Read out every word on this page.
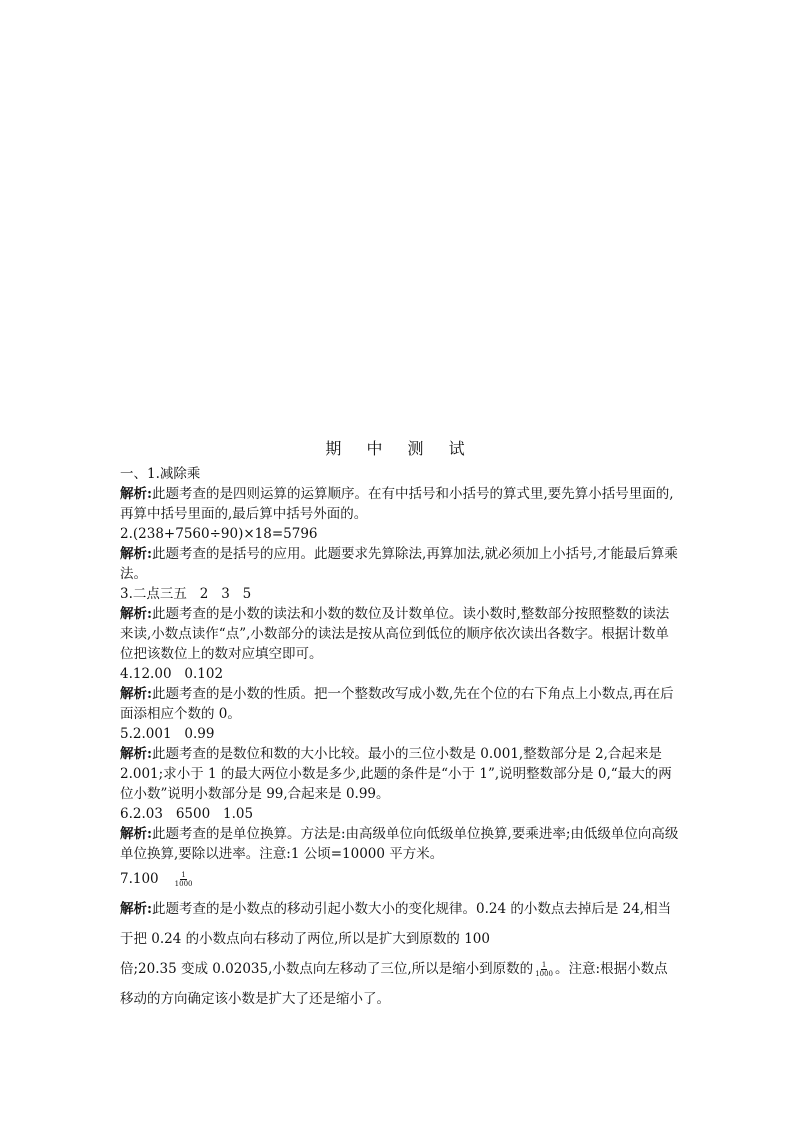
期 中 测 试
一、1.减除乘
解析:此题考查的是四则运算的运算顺序。在有中括号和小括号的算式里,要先算小括号里面的,再算中括号里面的,最后算中括号外面的。
2.(238+7560÷90)×18=5796
解析:此题考查的是括号的应用。此题要求先算除法,再算加法,就必须加上小括号,才能最后算乘法。
3.二点三五   2   3   5
解析:此题考查的是小数的读法和小数的数位及计数单位。读小数时,整数部分按照整数的读法来读,小数点读作“点”,小数部分的读法是按从高位到低位的顺序依次读出各数字。根据计数单位把该数位上的数对应填空即可。
4.12.00   0.102
解析:此题考查的是小数的性质。把一个整数改写成小数,先在个位的右下角点上小数点,再在后面添相应个数的 0。
5.2.001   0.99
解析:此题考查的是数位和数的大小比较。最小的三位小数是 0.001,整数部分是 2,合起来是 2.001;求小于 1 的最大两位小数是多少,此题的条件是“小于 1”,说明整数部分是 0,“最大的两位小数”说明小数部分是 99,合起来是 0.99。
6.2.03   6500   1.05
解析:此题考查的是单位换算。方法是:由高级单位向低级单位换算,要乘进率;由低级单位向高级单位换算,要除以进率。注意:1 公顷=10000 平方米。
$7.100 \frac{1}{1000}$
解析:此题考查的是小数点的移动引起小数大小的变化规律。0.24 的小数点去掉后是 24,相当于把 0.24 的小数点向右移动了两位,所以是扩大到原数的 100
倍;20.35 变成 0.02035,小数点向左移动了三位,所以是缩小到原数的 $\frac{1}{1000}$ 。注意:根据小数点移动的方向确定该小数是扩大了还是缩小了。
